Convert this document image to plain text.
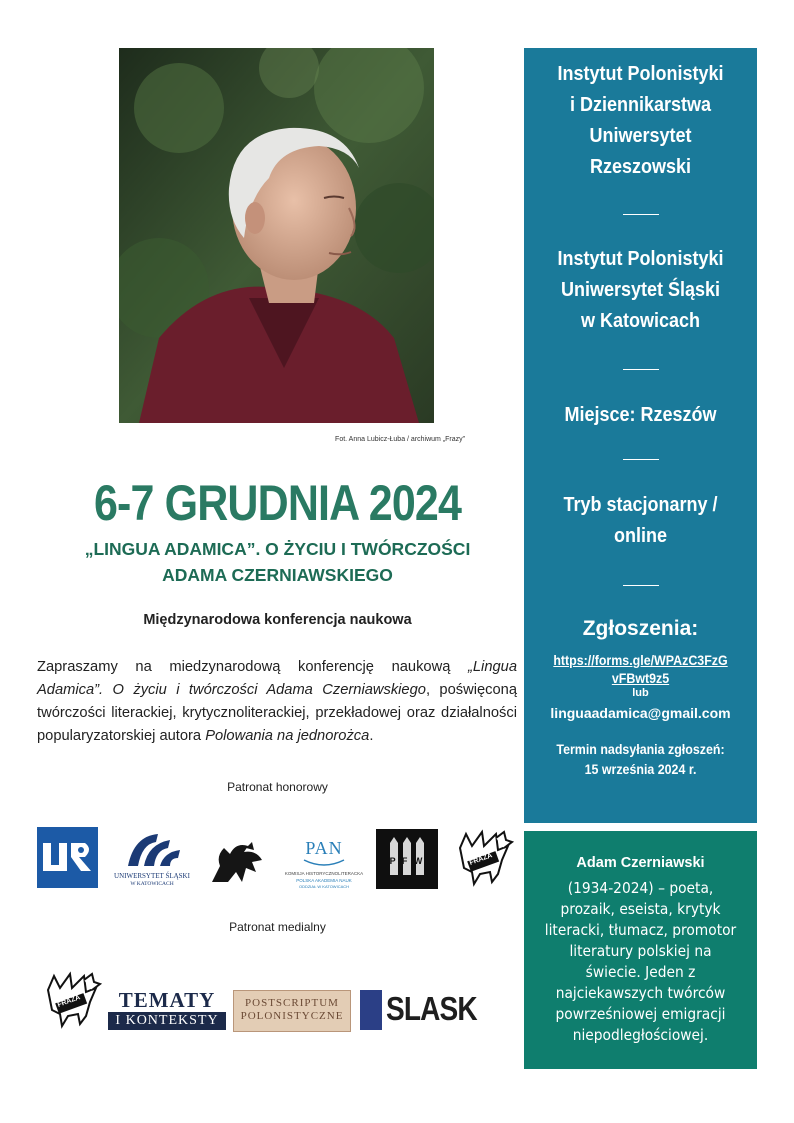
Fot. Anna Lubicz-Łuba / archiwum „Frazy”
6-7 GRUDNIA 2024
„LINGUA ADAMICA”. O ŻYCIU I TWÓRCZOŚCI
ADAMA CZERNIAWSKIEGO
Międzynarodowa konferencja naukowa
Zapraszamy na miedzynarodową konferencję naukową „Lingua Adamica”. O życiu i twórczości Adama Czerniawskiego, poświęconą twórczości literackiej, krytycznoliterackiej, przekładowej oraz działalności popularyzatorskiej autora Polowania na jednorożca.
Patronat honorowy
UNIWERSYTET ŚLĄSKI
W KATOWICACH
PAN
KOMISJA HISTORYCZNOLITERACKA
POLSKA AKADEMIA NAUK
ODDZIAŁ W KATOWICACH
P F W	FRAZA
Patronat medialny
FRAZA	TEMATY
I KONTEKSTY
POSTSCRIPTUM
POLONISTYCZNE SLASK
Instytut Polonistyki
i Dziennikarstwa
Uniwersytet
Rzeszowski
Instytut Polonistyki
Uniwersytet Śląski
w Katowicach
Miejsce: Rzeszów
Tryb stacjonarny /
online
Zgłoszenia:
https://forms.gle/WPAzC3FzG
vFBwt9z5
lub
linguaadamica@gmail.com
Termin nadsyłania zgłoszeń:
15 września 2024 r.
Adam Czerniawski
(1934-2024) – poeta, prozaik, eseista, krytyk literacki, tłumacz, promotor literatury polskiej na świecie. Jeden z najciekawszych twórców powrześniowej emigracji niepodległościowej.
